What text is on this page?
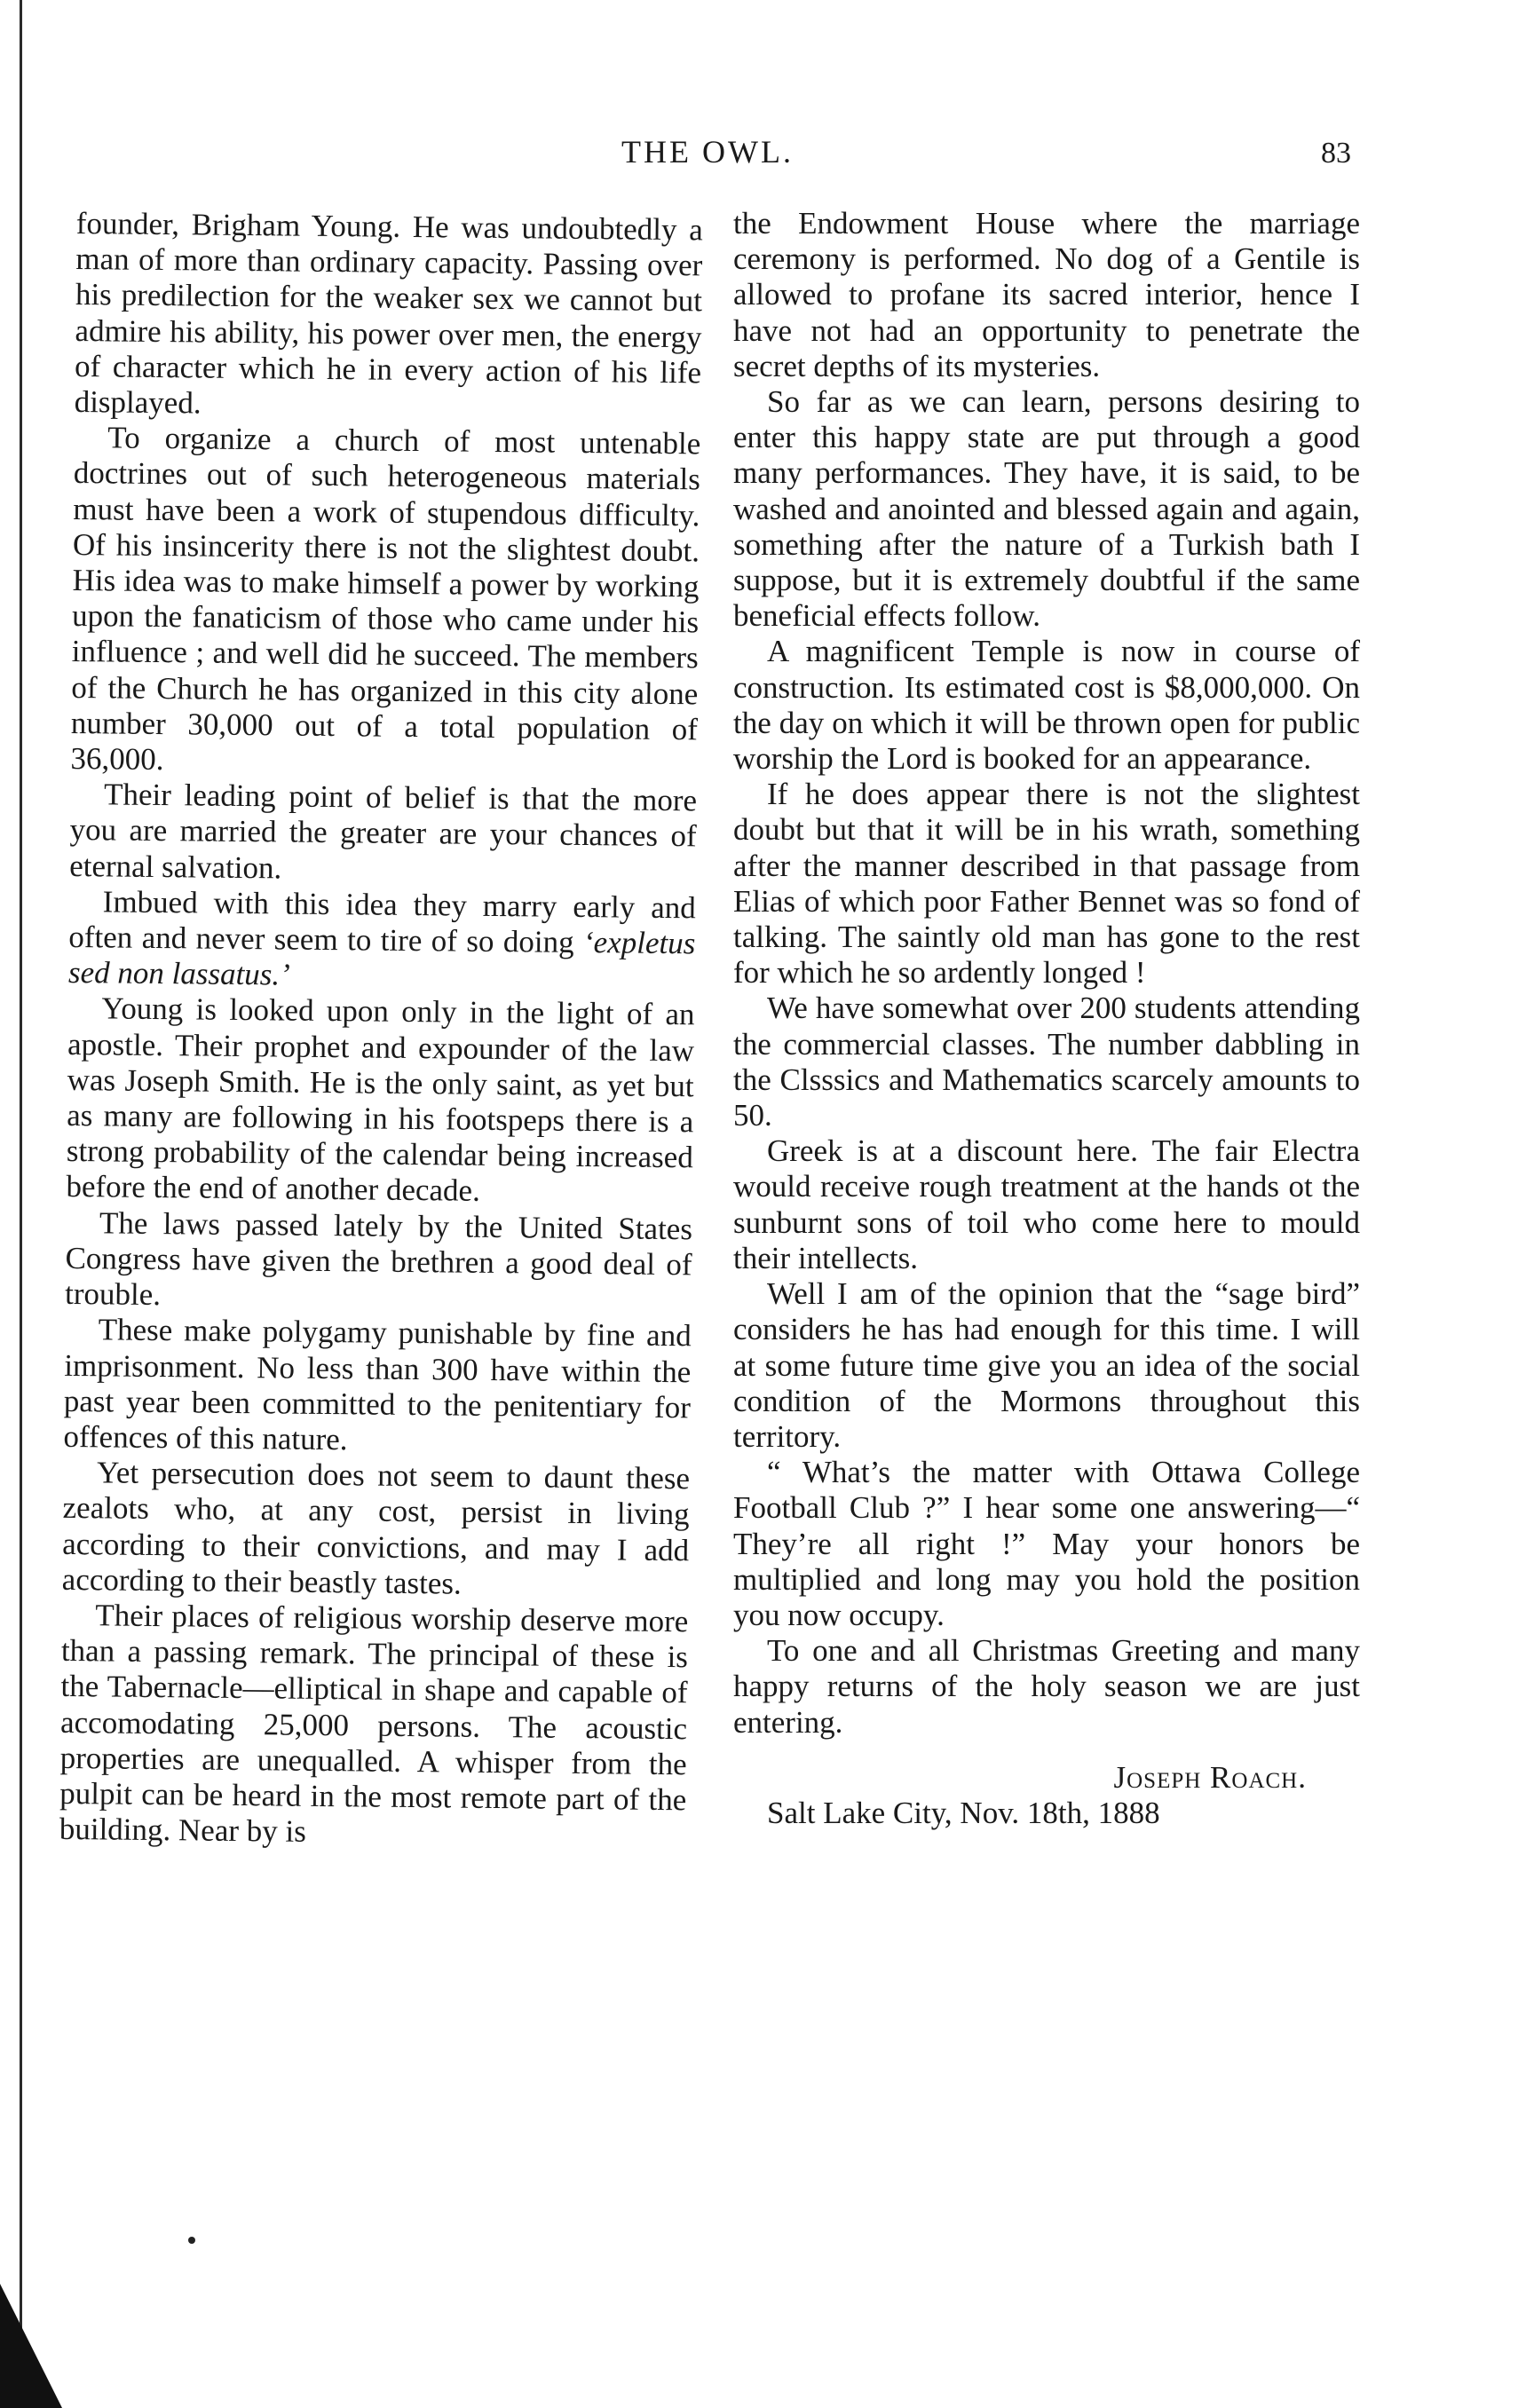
THE OWL.	83

founder, Brigham Young. He was undoubtedly a man of more than ordinary capacity. Passing over his predilection for the weaker sex we cannot but admire his ability, his power over men, the energy of character which he in every action of his life displayed.

To organize a church of most untenable doctrines out of such heterogeneous materials must have been a work of stupendous difficulty. Of his insincerity there is not the slightest doubt. His idea was to make himself a power by working upon the fanaticism of those who came under his influence ; and well did he succeed. The members of the Church he has organized in this city alone number 30,000 out of a total population of 36,000.

Their leading point of belief is that the more you are married the greater are your chances of eternal salvation.

Imbued with this idea they marry early and often and never seem to tire of so doing ‘expletus sed non lassatus.’

Young is looked upon only in the light of an apostle. Their prophet and expounder of the law was Joseph Smith. He is the only saint, as yet but as many are following in his footspeps there is a strong probability of the calendar being increased before the end of another decade.

The laws passed lately by the United States Congress have given the brethren a good deal of trouble.

These make polygamy punishable by fine and imprisonment. No less than 300 have within the past year been committed to the penitentiary for offences of this nature.

Yet persecution does not seem to daunt these zealots who, at any cost, persist in living according to their convictions, and may I add according to their beastly tastes.

Their places of religious worship deserve more than a passing remark. The principal of these is the Tabernacle—elliptical in shape and capable of accomodating 25,000 persons. The acoustic properties are unequalled. A whisper from the pulpit can be heard in the most remote part of the building. Near by is

the Endowment House where the marriage ceremony is performed. No dog of a Gentile is allowed to profane its sacred interior, hence I have not had an opportunity to penetrate the secret depths of its mysteries.

So far as we can learn, persons desiring to enter this happy state are put through a good many performances. They have, it is said, to be washed and anointed and blessed again and again, something after the nature of a Turkish bath I suppose, but it is extremely doubtful if the same beneficial effects follow.

A magnificent Temple is now in course of construction. Its estimated cost is $8,000,000. On the day on which it will be thrown open for public worship the Lord is booked for an appearance.

If he does appear there is not the slightest doubt but that it will be in his wrath, something after the manner described in that passage from Elias of which poor Father Bennet was so fond of talking. The saintly old man has gone to the rest for which he so ardently longed !

We have somewhat over 200 students attending the commercial classes. The number dabbling in the Clsssics and Mathematics scarcely amounts to 50.

Greek is at a discount here. The fair Electra would receive rough treatment at the hands ot the sunburnt sons of toil who come here to mould their intellects.

Well I am of the opinion that the “sage bird” considers he has had enough for this time. I will at some future time give you an idea of the social condition of the Mormons throughout this territory.

“ What’s the matter with Ottawa College Football Club ?” I hear some one answering—“ They’re all right !” May your honors be multiplied and long may you hold the position you now occupy.

To one and all Christmas Greeting and many happy returns of the holy season we are just entering.

Joseph Roach.

Salt Lake City, Nov. 18th, 1888
